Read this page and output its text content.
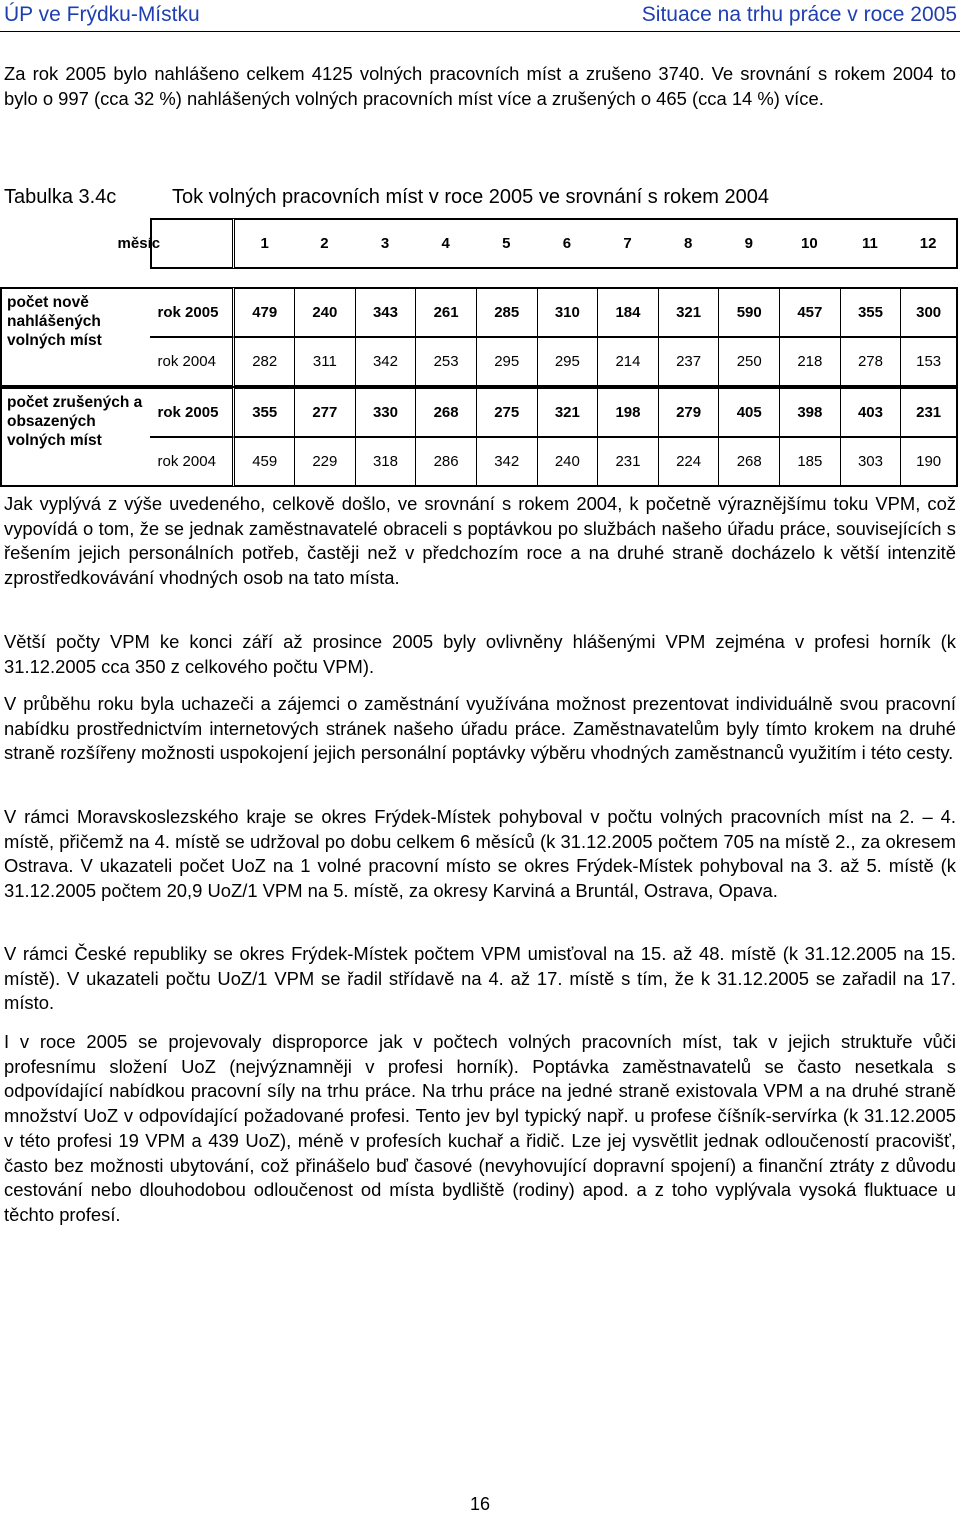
ÚP ve Frýdku-Místku	Situace na trhu práce v roce 2005

Za rok 2005 bylo nahlášeno celkem 4125 volných pracovních míst a zrušeno 3740. Ve srovnání s rokem 2004 to bylo o 997 (cca 32 %) nahlášených volných pracovních míst více a zrušených o 465 (cca 14 %) více.

Tabulka 3.4c	Tok volných pracovních míst v roce 2005 ve srovnání s rokem 2004
	měsíc	1	2	3	4	5	6	7	8	9	10	11	12

počet nově nahlášených volných míst	rok 2005	479	240	343	261	285	310	184	321	590	457	355	300
	rok 2004	282	311	342	253	295	295	214	237	250	218	278	153
počet zrušených a obsazených volných míst	rok 2005	355	277	330	268	275	321	198	279	405	398	403	231
	rok 2004	459	229	318	286	342	240	231	224	268	185	303	190

Jak vyplývá z výše uvedeného, celkově došlo, ve srovnání s rokem 2004, k početně výraznějšímu toku VPM, což vypovídá o tom, že se jednak zaměstnavatelé obraceli s poptávkou po službách našeho úřadu práce, souvisejících s řešením jejich personálních potřeb, častěji než v předchozím roce a na druhé straně docházelo k větší intenzitě zprostředkovávání vhodných osob na tato místa.

Větší počty VPM ke konci září až prosince 2005 byly ovlivněny hlášenými VPM zejména v profesi horník (k 31.12.2005 cca 350 z celkového počtu VPM).

V průběhu roku byla uchazeči a zájemci o zaměstnání využívána možnost prezentovat individuálně svou pracovní nabídku prostřednictvím internetových stránek našeho úřadu práce. Zaměstnavatelům byly tímto krokem na druhé straně rozšířeny možnosti uspokojení jejich personální poptávky výběru vhodných zaměstnanců využitím i této cesty.

V rámci Moravskoslezského kraje se okres Frýdek-Místek pohyboval v počtu volných pracovních míst na 2. – 4. místě, přičemž na 4. místě se udržoval po dobu celkem 6 měsíců (k 31.12.2005 počtem 705 na místě 2., za okresem Ostrava. V ukazateli počet UoZ na 1 volné pracovní místo se okres Frýdek-Místek pohyboval na 3. až 5. místě (k 31.12.2005 počtem 20,9 UoZ/1 VPM na 5. místě, za okresy Karviná a Bruntál, Ostrava, Opava.

V rámci České republiky se okres Frýdek-Místek počtem VPM umisťoval na 15. až 48. místě (k 31.12.2005 na 15. místě). V ukazateli počtu UoZ/1 VPM se řadil střídavě na 4. až 17. místě s tím, že k 31.12.2005 se zařadil na 17. místo.

I v roce 2005 se projevovaly disproporce jak v počtech volných pracovních míst, tak v jejich struktuře vůči profesnímu složení UoZ (nejvýznamněji v profesi horník). Poptávka zaměstnavatelů se často nesetkala s odpovídající nabídkou pracovní síly na trhu práce. Na trhu práce na jedné straně existovala VPM a na druhé straně množství UoZ v odpovídající požadované profesi. Tento jev byl typický např. u profese číšník-servírka (k 31.12.2005 v této profesi 19 VPM a 439 UoZ), méně v profesích kuchař a řidič. Lze jej vysvětlit jednak odloučeností pracovišť, často bez možnosti ubytování, což přinášelo buď časové (nevyhovující dopravní spojení) a finanční ztráty z důvodu cestování nebo dlouhodobou odloučenost od místa bydliště (rodiny) apod. a z toho vyplývala vysoká fluktuace u těchto profesí.

16
